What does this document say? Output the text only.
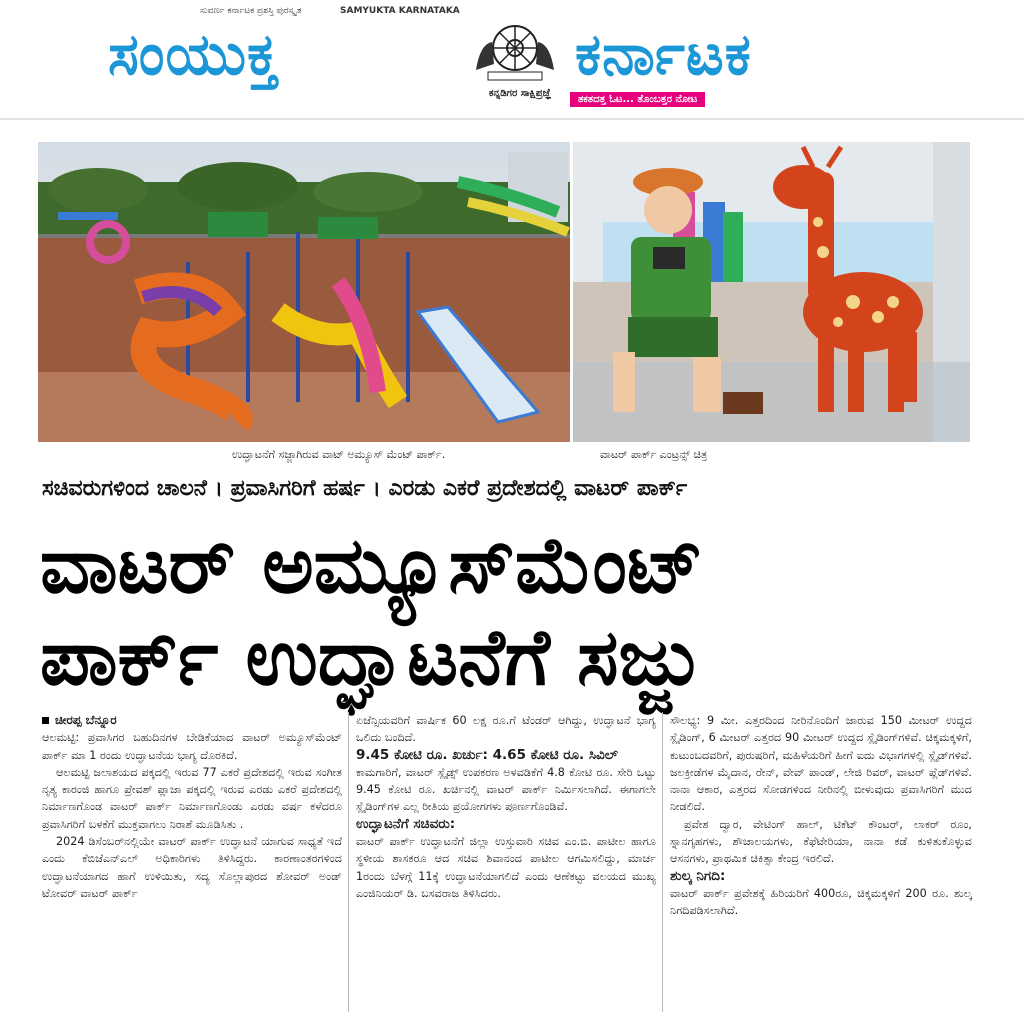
ಸುವರ್ಣ ಕರ್ನಾಟಕ ಪ್ರಶಸ್ತಿ ಪುರಸ್ಕೃತ	SAMYUKTA KARNATAKA
ಸಂಯುಕ್ತ	ಕರ್ನಾಟಕ
ಕನ್ನಡಿಗರ ಸಾಕ್ಷಿಪ್ರಜ್ಞೆ
ತಕತದತ್ತ ಓಟ... ತೊಂಬತ್ತರ ನೋಟ
ಉದ್ಘಾಟನೆಗೆ ಸಜ್ಜಾಗಿರುವ ವಾಟ್ ಅಮ್ಯೂಸ್ ಮೆಂಟ್ ಪಾರ್ಕ್.	ವಾಟರ್ ಪಾರ್ಕ್ ಎಂಟ್ರನ್ಸ್ ಚಿತ್ರ
ಸಚಿವರುಗಳಿಂದ ಚಾಲನೆ । ಪ್ರವಾಸಿಗರಿಗೆ ಹರ್ಷ । ಎರಡು ಎಕರೆ ಪ್ರದೇಶದಲ್ಲಿ ವಾಟರ್ ಪಾರ್ಕ್
ವಾಟರ್ ಅಮ್ಯೂಸ್‌ಮೆಂಟ್
ಪಾರ್ಕ್ ಉದ್ಘಾಟನೆಗೆ ಸಜ್ಜು

ಚೀರಪ್ಪ ಬೆನ್ನೂರ

ಆಲಮಟ್ಟಿ: ಪ್ರವಾಸಿಗರ ಬಹುದಿನಗಳ ಬೇಡಿಕೆಯಾದ ವಾಟರ್ ಅಮ್ಯೂಸ್‌ಮೆಂಟ್ ಪಾರ್ಕ್ ಮಾ 1 ರಂದು ಉದ್ಘಾಟನೆಯ ಭಾಗ್ಯ ದೊರಕಿದೆ.

ಆಲಮಟ್ಟಿ ಜಲಾಶಯದ ಪಕ್ಕದಲ್ಲಿ ಇರುವ 77 ಎಕರೆ ಪ್ರದೇಶದಲ್ಲಿ ಇರುವ ಸಂಗೀತ ನೃತ್ಯ ಕಾರಂಜಿ ಹಾಗೂ ಪ್ರೇವಶ್ ಪ್ಲಾಜಾ ಪಕ್ಕದಲ್ಲಿ ಇರುವ ಎರಡು ಎಕರೆ ಪ್ರದೇಶದಲ್ಲಿ ನಿರ್ಮಾಣಗೊಂಡ ವಾಟರ್ ಪಾರ್ಕ್ ನಿರ್ಮಾಣಗೊಂಡು ಎರಡು ವರ್ಷ ಕಳೆದರೂ ಪ್ರವಾಸಿಗರಿಗೆ ಬಳಕೆಗೆ ಮುಕ್ತವಾಗಲು ನಿರಾಶೆ ಮೂಡಿಸಿತು .

2024 ಡಿಸೆಂಬರ್‌ನಲ್ಲಿಯೇ ವಾಟರ್ ಪಾರ್ಕ್ ಉದ್ಘಾಟನೆ ಯಾಗುವ ಸಾಧ್ಯತೆ ಇದೆ ಎಂದು ಕೆಬಿಜೆಎನ್‌ಎಲ್ ಅಧಿಕಾರಿಗಳು ತಿಳಿಸಿದ್ದರು. ಕಾರಣಾಂತರಗಳಿಂದ ಉದ್ಘಾಟನೆಯಾಗದ ಹಾಗೆ ಉಳಿಯಿತು, ಸದ್ಯ ಸೊಲ್ಲಾಪುರದ ಶೋವರ್ ಅಂಡ್ ಟೋವರ್ ವಾಟರ್ ಪಾರ್ಕ್

ಏಜೆನ್ಸಿಯವರಿಗೆ ವಾರ್ಷಿಕ 60 ಲಕ್ಷ ರೂ.ಗೆ ಟೆಂಡರ್ ಆಗಿದ್ದು, ಉದ್ಘಾಟನೆ ಭಾಗ್ಯ ಒಲಿದು ಬಂದಿದೆ.

9.45 ಕೋಟಿ ರೂ. ಖರ್ಚು: 4.65 ಕೋಟಿ ರೂ. ಸಿವಿಲ್

ಕಾಮಗಾರಿಗೆ, ವಾಟರ್ ಸ್ಲೈಡ್ಸ್ ಉಪಕರಣ ಅಳವಡಿಕೆಗೆ 4.8 ಕೋಟಿ ರೂ. ಸೇರಿ ಒಟ್ಟು 9.45 ಕೋಟಿ ರೂ. ಖರ್ಚಿನಲ್ಲಿ ವಾಟರ್ ಪಾರ್ಕ್ ನಿರ್ಮಿಸಲಾಗಿದೆ. ಈಗಾಗಲೇ ಸ್ಲೈಡಿಂಗ್‌ಗಳ ಎಲ್ಲ ರೀತಿಯ ಪ್ರಯೋಗಗಳು ಪೂರ್ಣಗೊಂಡಿವೆ.

ಉದ್ಘಾಟನೆಗೆ ಸಚಿವರು:

ವಾಟರ್ ಪಾರ್ಕ್ ಉದ್ಘಾಟನೆಗೆ ಜಿಲ್ಲಾ ಉಸ್ತುವಾರಿ ಸಚಿವ ಎಂ.ಬಿ. ಪಾಟೀಲ ಹಾಗೂ ಸ್ಥಳೀಯ ಶಾಸಕರೂ ಆದ ಸಚಿವ ಶಿವಾನಂದ ಪಾಟೀಲ ಆಗಮಿಸಲಿದ್ದು, ಮಾರ್ಚ 1ರಂದು ಬೆಳಗ್ಗೆ 11ಕ್ಕೆ ಉದ್ಘಾಟನೆಯಾಗಲಿದೆ ಎಂದು ಆಣೆಕಟ್ಟು ವಲಯದ ಮುಖ್ಯ ಎಂಜಿನಿಯರ್ ಡಿ. ಬಸವರಾಜ ತಿಳಿಸಿದರು.

ಸೌಲಭ್ಯ: 9 ಮೀ. ಎತ್ತರದಿಂದ ನೀರಿನೊಂದಿಗೆ ಜಾರುವ 150 ಮೀಟರ್ ಉದ್ದದ ಸ್ಲೈಡಿಂಗ್, 6 ಮೀಟರ್ ಎತ್ತರದ 90 ಮೀಟರ್ ಉದ್ದದ ಸ್ಲೈಡಿಂಗ್‌ಗಳಿವೆ. ಚಿಕ್ಕಮಕ್ಕಳಿಗೆ, ಕುಟುಂಬದವರಿಗೆ, ಪುರುಷರಿಗೆ, ಮಹಿಳೆಯರಿಗೆ ಹೀಗೆ ಐದು ವಿಭಾಗಗಳಲ್ಲಿ ಸ್ಲೈಡ್‌ಗಳಿವೆ. ಜಲಕ್ರೀಡೆಗಳ ಮೈದಾನ, ರೇನ್, ವೇವ್ ಪಾಂಡ್, ಲೇಜಿ ರಿವರ್, ವಾಟರ್ ಪ್ಲೆಡ್‌ಗಳಿವೆ. ನಾನಾ ಆಕಾರ, ಎತ್ತರದ ಸೋಡಗಳಿಂದ ನೀರಿನಲ್ಲಿ ಬೀಳುವುದು ಪ್ರವಾಸಿಗರಿಗೆ ಮುದ ನೀಡಲಿದೆ.

ಪ್ರವೇಶ ದ್ವಾರ, ವೇಟಿಂಗ್ ಹಾಲ್, ಟಿಕೆಟ್ ಕೌಂಟರ್, ಲಾಕರ್ ರೂಂ, ಸ್ನಾನಗೃಹಗಳು, ಶೌಚಾಲಯಗಳು, ಕೆಫೆಟೇರಿಯಾ, ನಾನಾ ಕಡೆ ಕುಳಿತುಕೊಳ್ಳುವ ಆಸನಗಳು, ಪ್ರಾಥಮಿಕ ಚಿಕಿತ್ಸಾ ಕೇಂದ್ರ ಇರಲಿದೆ.

ಶುಲ್ಕ ನಿಗದಿ:

ವಾಟರ್ ಪಾರ್ಕ್ ಪ್ರವೇಶಕ್ಕೆ ಹಿರಿಯರಿಗೆ 400ರೂ, ಚಿಕ್ಕಮಕ್ಕಳಿಗೆ 200 ರೂ. ಶುಲ್ಕ ನಿಗದಿಪಡಿಸಲಾಗಿದೆ.
